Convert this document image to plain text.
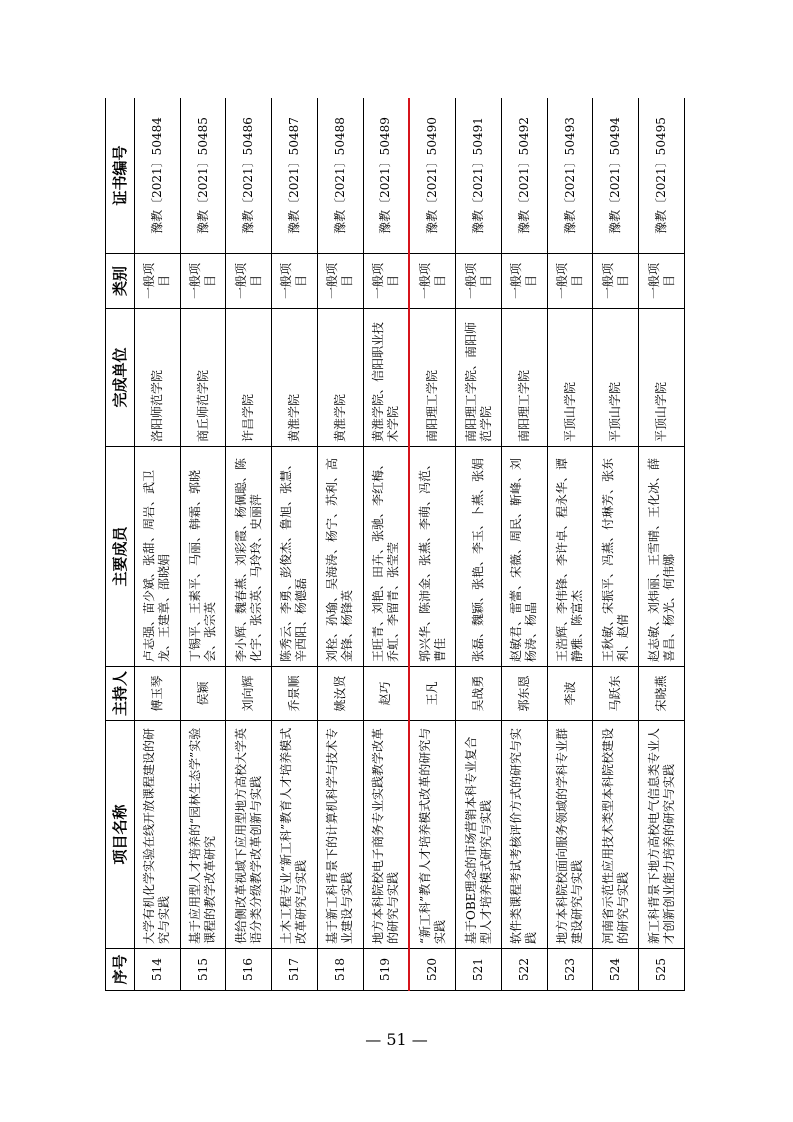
序号	项目名称	主持人	主要成员	完成单位	类别	证书编号
514	大学有机化学实验在线开放课程建设的研究与实践	傅玉琴	卢志强、苗少斌、张甜、周岩、武卫龙、王建章、邵晓娟	洛阳师范学院	一般项目	豫教〔2021〕50484
515	基于应用型人才培养的“园林生态学”实验课程的教学改革研究	侯颖	丁锡平、王素平、马丽、韩霜、郭晓会、张宗英	商丘师范学院	一般项目	豫教〔2021〕50485
516	供给侧改革视域下应用型地方高校大学英语分类分级教学改革创新与实践	刘向辉	李小辉、魏春燕、刘彩霞、杨佩聪、陈化宇、张宗英、马玲玲、史丽萍	许昌学院	一般项目	豫教〔2021〕50486
517	土木工程专业“新工科”教育人才培养模式改革研究与实践	乔景顺	陈秀云、李勇、彭俊杰、鲁旭、张慧、辛西阳、杨德磊	黄淮学院	一般项目	豫教〔2021〕50487
518	基于新工科背景下的计算机科学与技术专业建设与实践	姚汝贤	刘栓、孙瑜、吴海涛、杨宁、苏利、高金锋、杨锋英	黄淮学院	一般项目	豫教〔2021〕50488
519	地方本科院校电子商务专业实践教学改革的研究与实践	赵巧	王旺青、刘艳、田卉、张驰、李红梅、乔虹、李留青、张莹莹	黄淮学院、信阳职业技术学院	一般项目	豫教〔2021〕50489
520	“新工科”教育人才培养模式改革的研究与实践	王凡	郭兴华、陈沛金、张燕、李萌、冯范、曹佳	南阳理工学院	一般项目	豫教〔2021〕50490
521	基于OBE理念的市场营销本科专业复合型人才培养模式研究与实践	吴战勇	张磊、魏颖、张艳、李玉、卜燕、张娟	南阳理工学院、南阳师范学院	一般项目	豫教〔2021〕50491
522	软件类课程考试考核评价方式的研究与实践	郭东恩	赵敏君、雷蕾、宋薇、周民、靳峰、刘杨涛、杨晶	南阳理工学院	一般项目	豫教〔2021〕50492
523	地方本科院校面向服务领域的学科专业群建设研究与实践	李波	王浩辉、李伟锋、李许卓、程永华、谭静雅、陈富杰	平顶山学院	一般项目	豫教〔2021〕50493
524	河南省示范性应用技术类型本科院校建设的研究与实践	马跃东	王秋敏、宋振平、冯燕、付琳芳、张东利、赵倩	平顶山学院	一般项目	豫教〔2021〕50494
525	新工科背景下地方高校电气信息类专业人才创新创业能力培养的研究与实践	宋晓燕	赵志敏、刘炜丽、王雪晴、王化冰、薛喜昌、杨光、何伟娜	平顶山学院	一般项目	豫教〔2021〕50495
— 51 —
